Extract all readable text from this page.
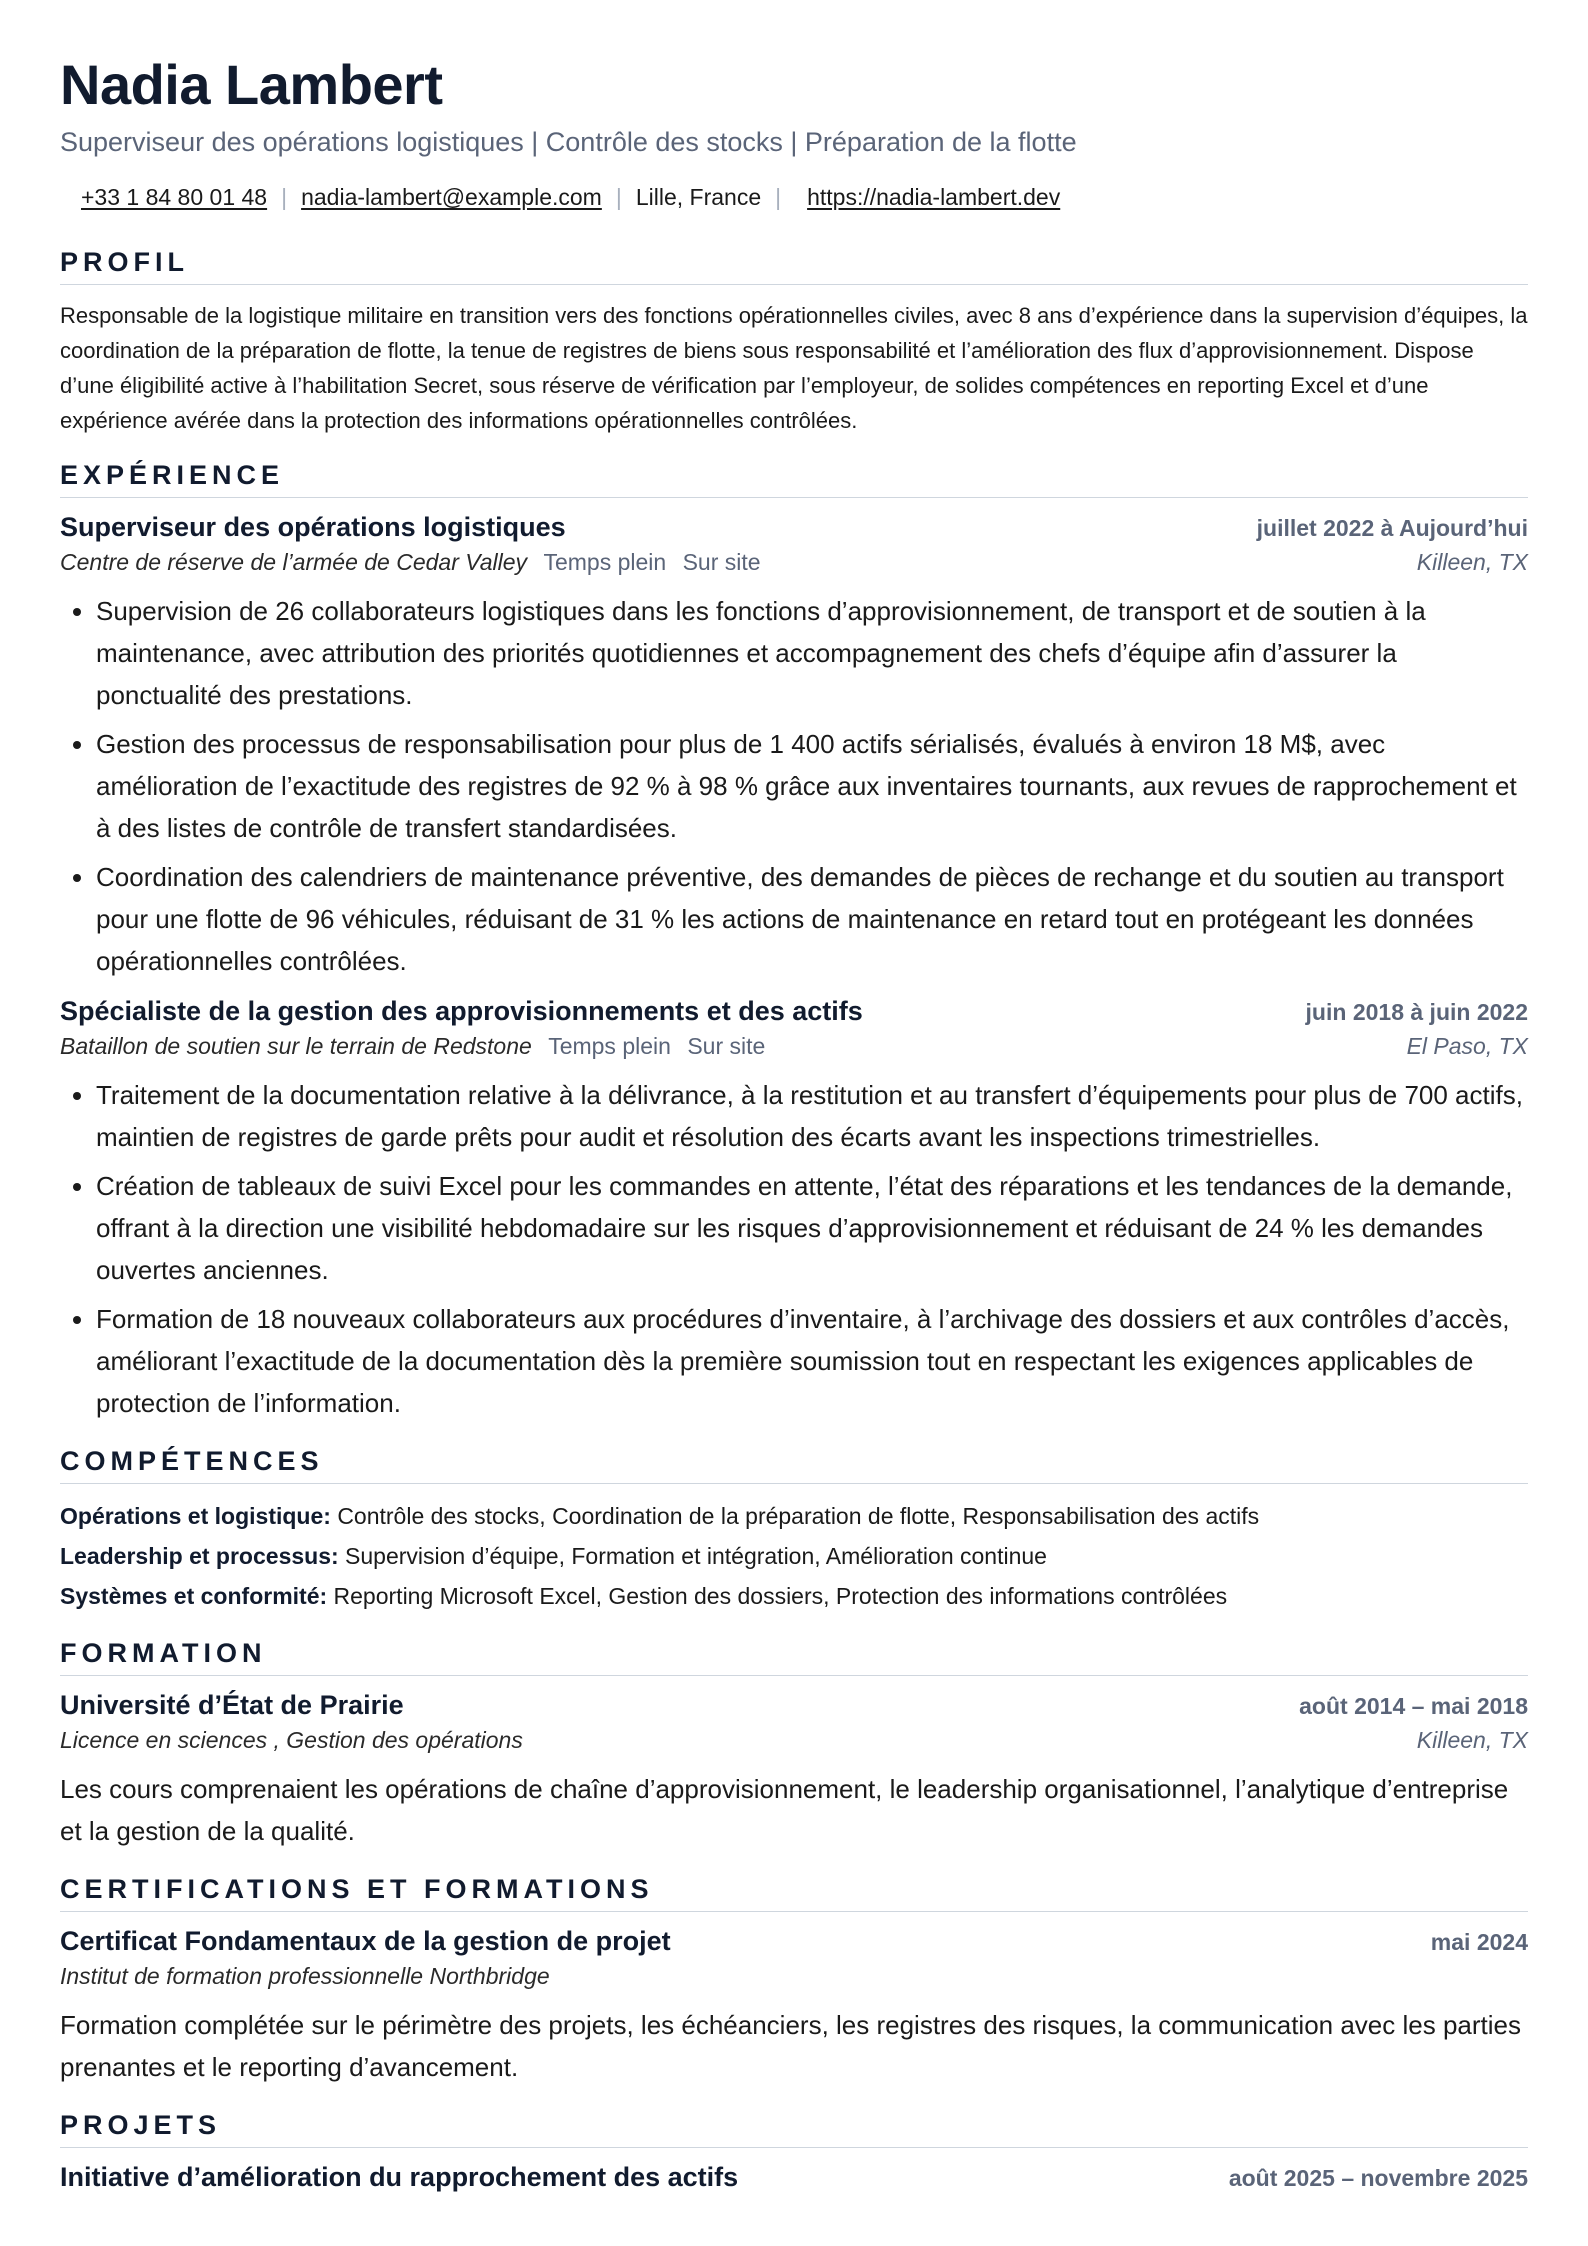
Nadia Lambert
Superviseur des opérations logistiques | Contrôle des stocks | Préparation de la flotte
+33 1 84 80 01 48 | nadia-lambert@example.com | Lille, France | https://nadia-lambert.dev
PROFIL
Responsable de la logistique militaire en transition vers des fonctions opérationnelles civiles, avec 8 ans d’expérience dans la supervision d’équipes, la coordination de la préparation de flotte, la tenue de registres de biens sous responsabilité et l’amélioration des flux d’approvisionnement. Dispose d’une éligibilité active à l’habilitation Secret, sous réserve de vérification par l’employeur, de solides compétences en reporting Excel et d’une expérience avérée dans la protection des informations opérationnelles contrôlées.
EXPÉRIENCE
Superviseur des opérations logistiques	juillet 2022 à Aujourd’hui
Centre de réserve de l’armée de Cedar Valley Temps plein Sur site	Killeen, TX
• Supervision de 26 collaborateurs logistiques dans les fonctions d’approvisionnement, de transport et de soutien à la maintenance, avec attribution des priorités quotidiennes et accompagnement des chefs d’équipe afin d’assurer la ponctualité des prestations.
• Gestion des processus de responsabilisation pour plus de 1 400 actifs sérialisés, évalués à environ 18 M$, avec amélioration de l’exactitude des registres de 92 % à 98 % grâce aux inventaires tournants, aux revues de rapprochement et à des listes de contrôle de transfert standardisées.
• Coordination des calendriers de maintenance préventive, des demandes de pièces de rechange et du soutien au transport pour une flotte de 96 véhicules, réduisant de 31 % les actions de maintenance en retard tout en protégeant les données opérationnelles contrôlées.
Spécialiste de la gestion des approvisionnements et des actifs	juin 2018 à juin 2022
Bataillon de soutien sur le terrain de Redstone Temps plein Sur site	El Paso, TX
• Traitement de la documentation relative à la délivrance, à la restitution et au transfert d’équipements pour plus de 700 actifs, maintien de registres de garde prêts pour audit et résolution des écarts avant les inspections trimestrielles.
• Création de tableaux de suivi Excel pour les commandes en attente, l’état des réparations et les tendances de la demande, offrant à la direction une visibilité hebdomadaire sur les risques d’approvisionnement et réduisant de 24 % les demandes ouvertes anciennes.
• Formation de 18 nouveaux collaborateurs aux procédures d’inventaire, à l’archivage des dossiers et aux contrôles d’accès, améliorant l’exactitude de la documentation dès la première soumission tout en respectant les exigences applicables de protection de l’information.
COMPÉTENCES
Opérations et logistique: Contrôle des stocks, Coordination de la préparation de flotte, Responsabilisation des actifs
Leadership et processus: Supervision d’équipe, Formation et intégration, Amélioration continue
Systèmes et conformité: Reporting Microsoft Excel, Gestion des dossiers, Protection des informations contrôlées
FORMATION
Université d’État de Prairie	août 2014 – mai 2018
Licence en sciences , Gestion des opérations	Killeen, TX
Les cours comprenaient les opérations de chaîne d’approvisionnement, le leadership organisationnel, l’analytique d’entreprise et la gestion de la qualité.
CERTIFICATIONS ET FORMATIONS
Certificat Fondamentaux de la gestion de projet	mai 2024
Institut de formation professionnelle Northbridge
Formation complétée sur le périmètre des projets, les échéanciers, les registres des risques, la communication avec les parties prenantes et le reporting d’avancement.
PROJETS
Initiative d’amélioration du rapprochement des actifs	août 2025 – novembre 2025
